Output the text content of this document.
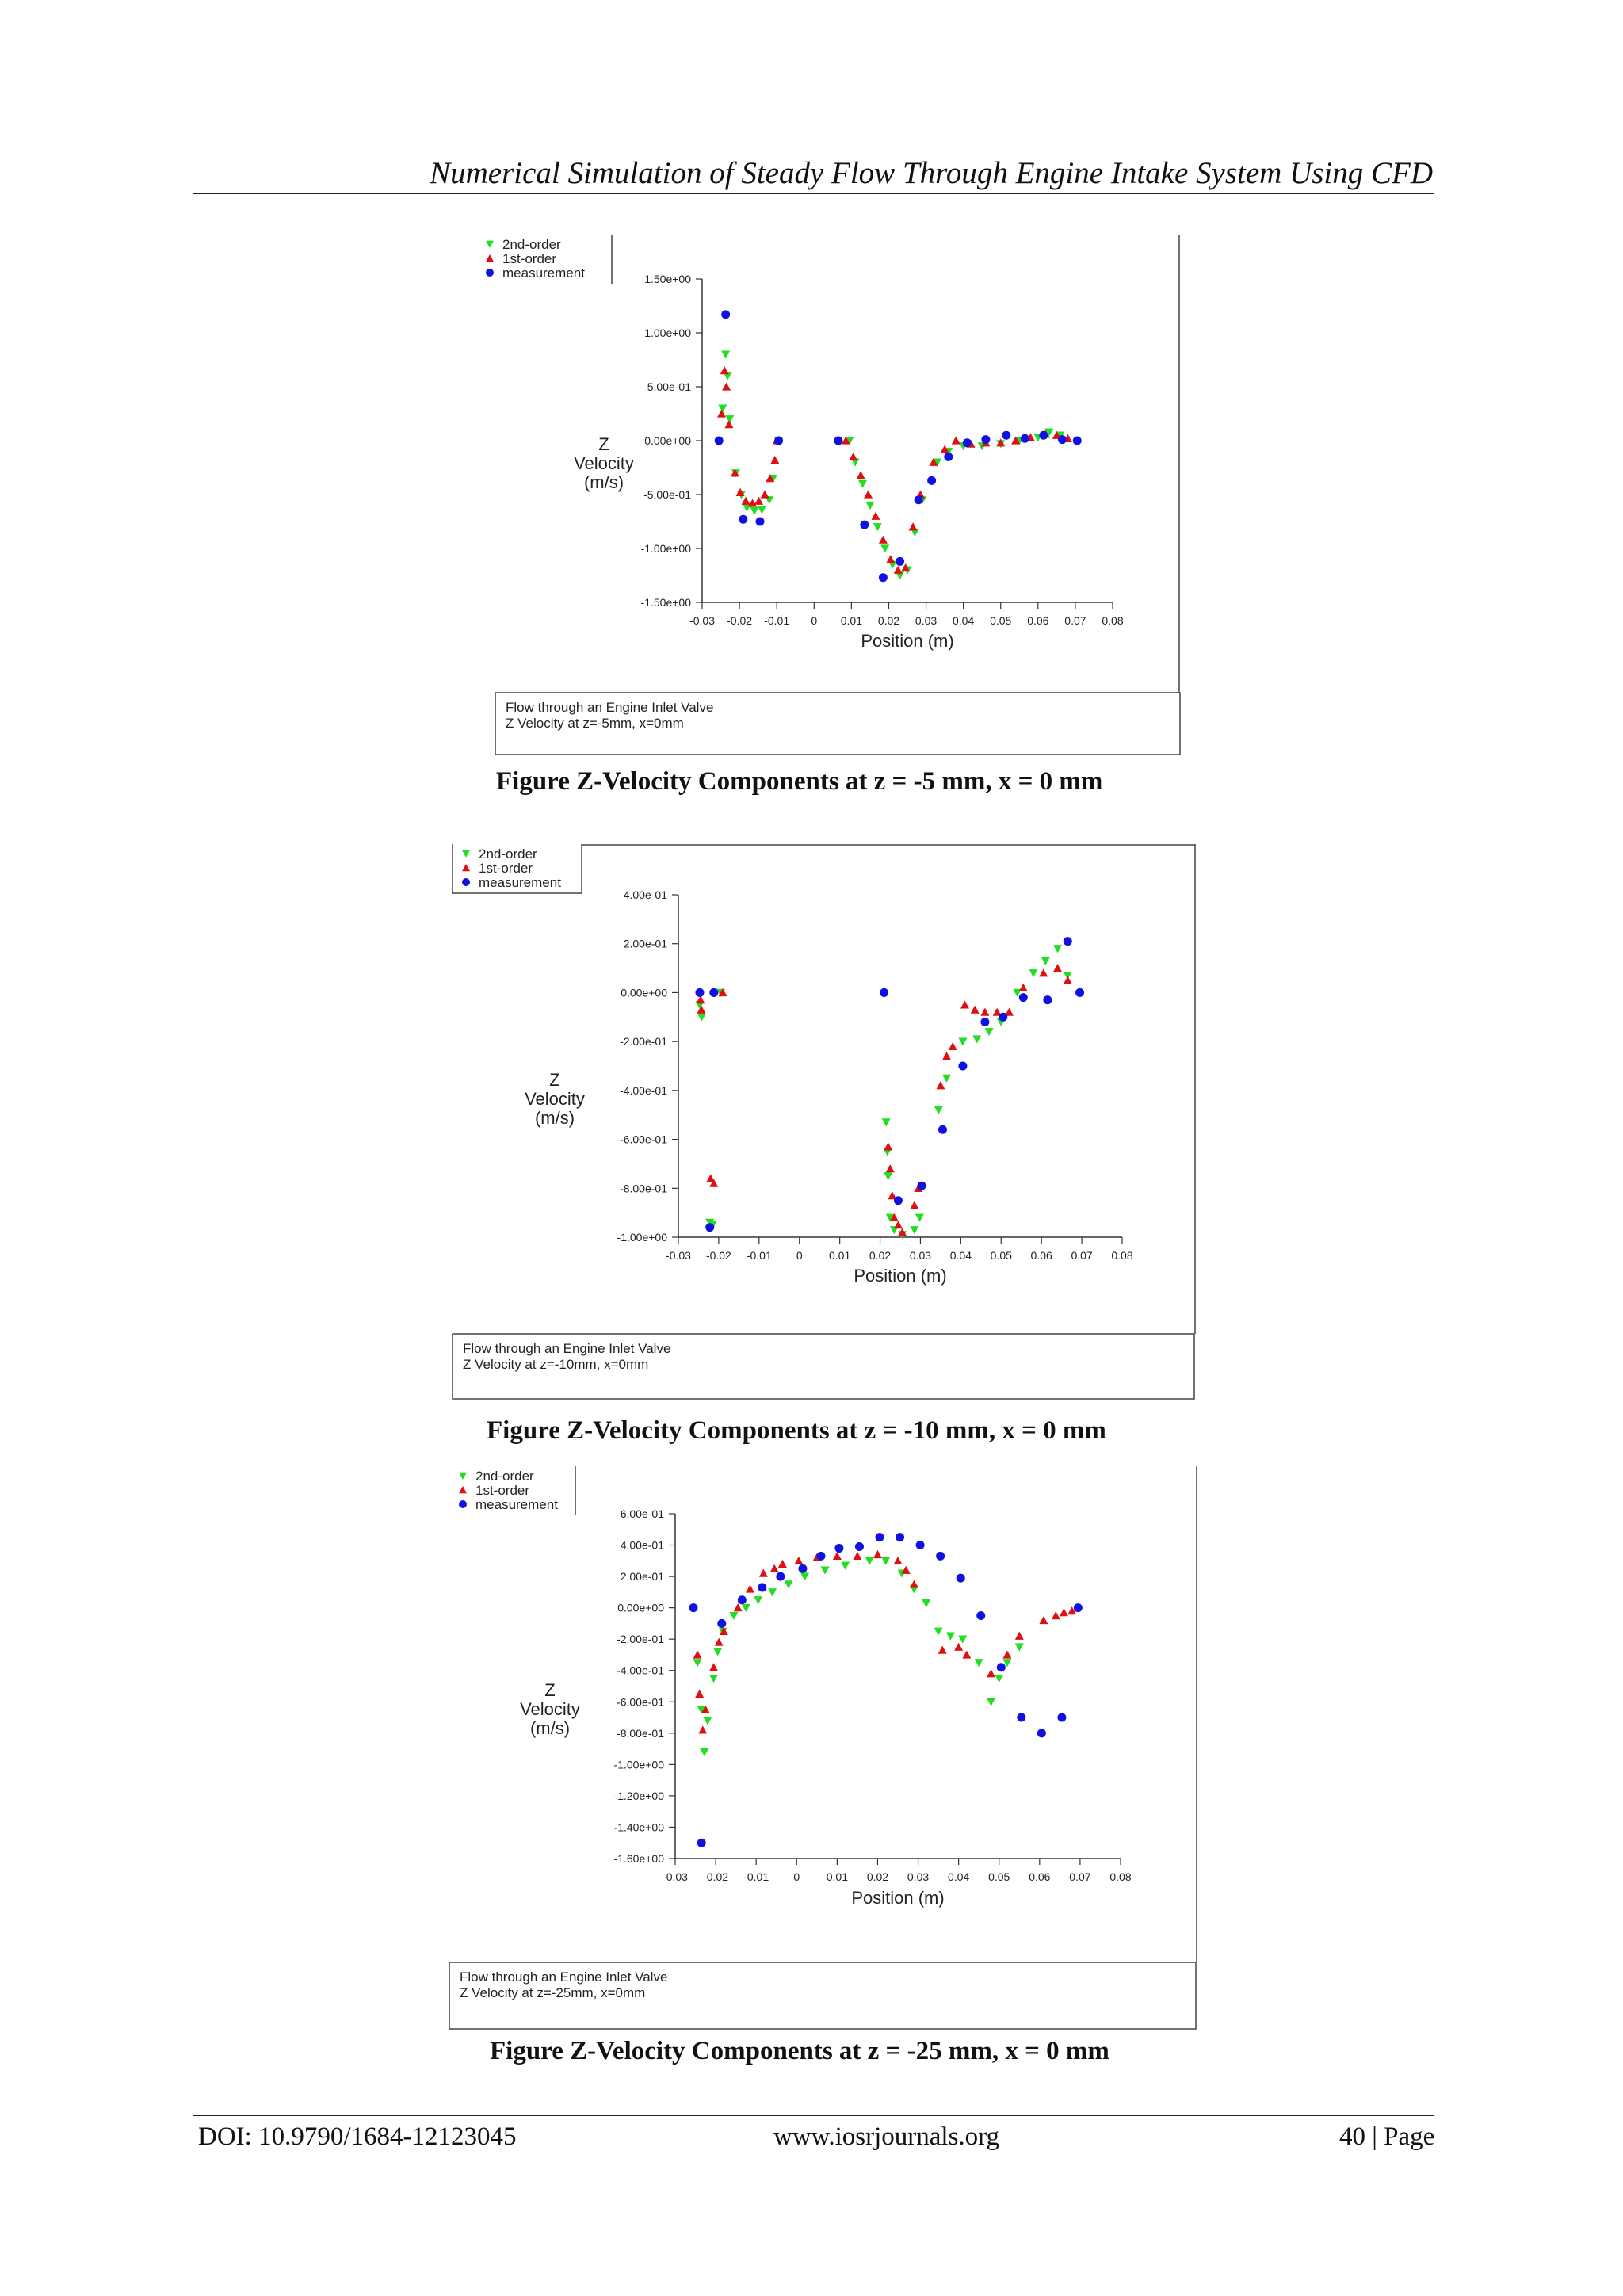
Numerical Simulation of Steady Flow Through Engine Intake System Using CFD
2nd-order
1st-order
measurement
-1.50e+00
-1.00e+00
-5.00e-01
0.00e+00
5.00e-01
1.00e+00
1.50e+00
-0.03 -0.02 -0.01 0 0.01 0.02 0.03 0.04 0.05 0.06 0.07 0.08
Z
Velocity
(m/s)
Position (m)
Flow through an Engine Inlet Valve
Z Velocity at z=-5mm, x=0mm
Figure Z-Velocity Components at z = -5 mm, x = 0 mm
2nd-order
1st-order
measurement
-1.00e+00
-8.00e-01
-6.00e-01
-4.00e-01
-2.00e-01
0.00e+00
2.00e-01
4.00e-01
-0.03 -0.02 -0.01 0 0.01 0.02 0.03 0.04 0.05 0.06 0.07 0.08
Z
Velocity
(m/s)
Position (m)
Flow through an Engine Inlet Valve
Z Velocity at z=-10mm, x=0mm
Figure Z-Velocity Components at z = -10 mm, x = 0 mm
2nd-order
1st-order
measurement
-1.60e+00
-1.40e+00
-1.20e+00
-1.00e+00
-8.00e-01
-6.00e-01
-4.00e-01
-2.00e-01
0.00e+00
2.00e-01
4.00e-01
6.00e-01
-0.03 -0.02 -0.01 0 0.01 0.02 0.03 0.04 0.05 0.06 0.07 0.08
Z
Velocity
(m/s)
Position (m)
Flow through an Engine Inlet Valve
Z Velocity at z=-25mm, x=0mm
Figure Z-Velocity Components at z = -25 mm, x = 0 mm
DOI: 10.9790/1684-12123045	www.iosrjournals.org	40 | Page
